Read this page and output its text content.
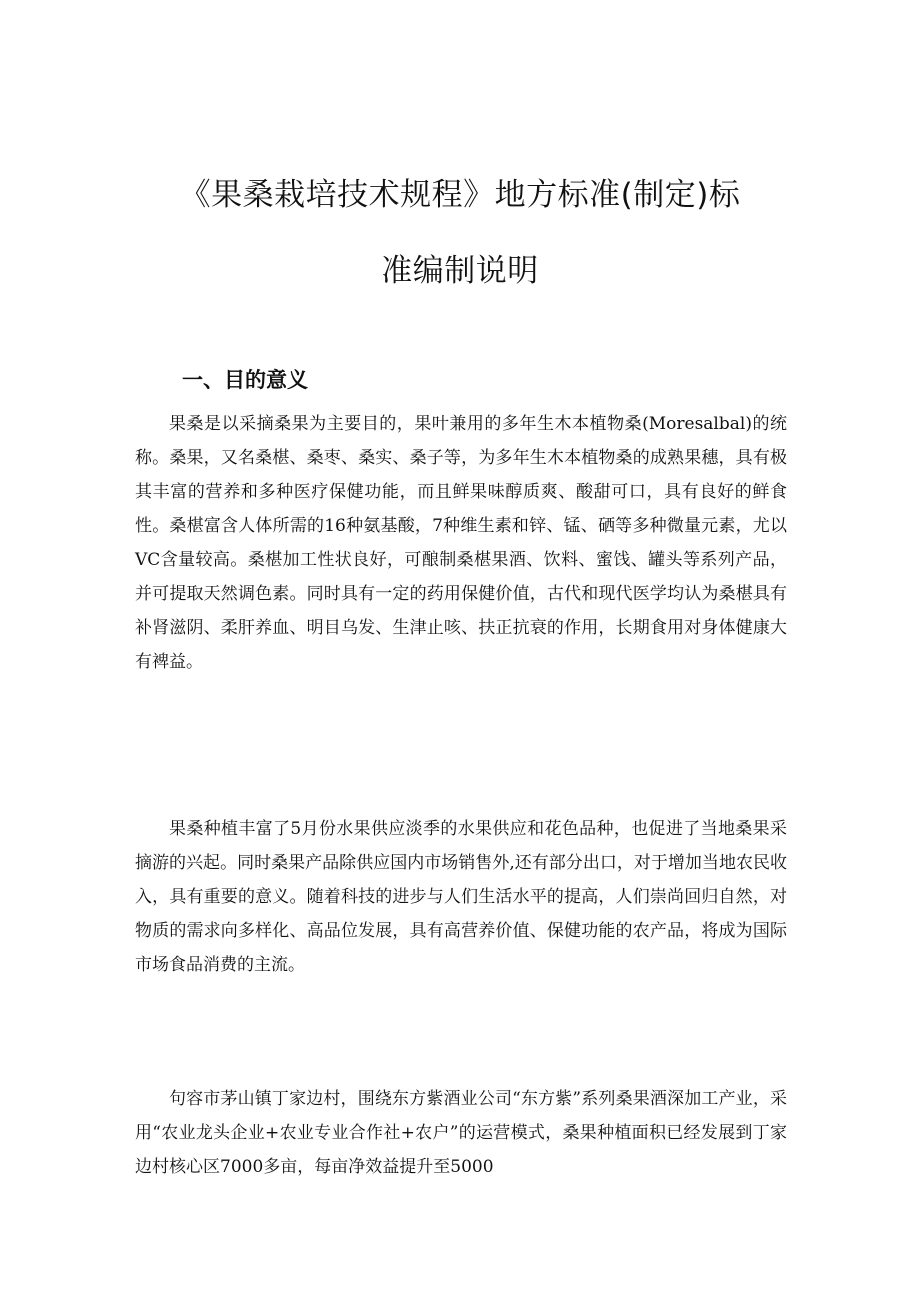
《果桑栽培技术规程》地方标准(制定)标
准编制说明
一、目的意义

果桑是以采摘桑果为主要目的，果叶兼用的多年生木本植物桑(Moresalbal)的统称。桑果，又名桑椹、桑枣、桑实、桑子等，为多年生木本植物桑的成熟果穗，具有极其丰富的营养和多种医疗保健功能，而且鲜果味醇质爽、酸甜可口，具有良好的鲜食性。桑椹富含人体所需的16种氨基酸，7种维生素和锌、锰、硒等多种微量元素，尤以VC含量较高。桑椹加工性状良好，可酿制桑椹果酒、饮料、蜜饯、罐头等系列产品，并可提取天然调色素。同时具有一定的药用保健价值，古代和现代医学均认为桑椹具有补肾滋阴、柔肝养血、明目乌发、生津止咳、扶正抗衰的作用，长期食用对身体健康大有裨益。

果桑种植丰富了5月份水果供应淡季的水果供应和花色品种，也促进了当地桑果采摘游的兴起。同时桑果产品除供应国内市场销售外,还有部分出口，对于增加当地农民收入，具有重要的意义。随着科技的进步与人们生活水平的提高，人们崇尚回归自然，对物质的需求向多样化、高品位发展，具有高营养价值、保健功能的农产品，将成为国际市场食品消费的主流。

句容市茅山镇丁家边村，围绕东方紫酒业公司“东方紫”系列桑果酒深加工产业，采用“农业龙头企业+农业专业合作社+农户”的运营模式，桑果种植面积已经发展到丁家边村核心区7000多亩，每亩净效益提升至5000
